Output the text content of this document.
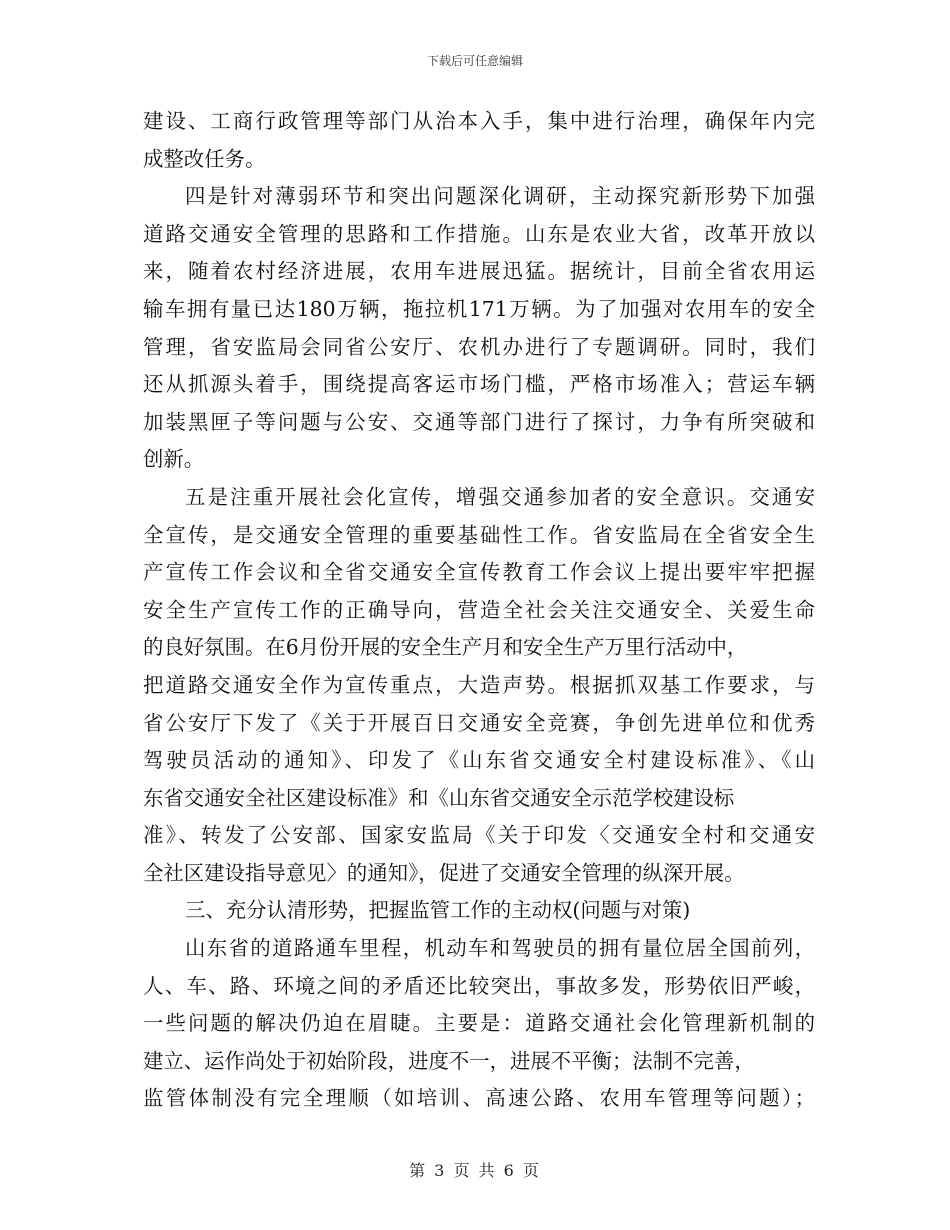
下载后可任意编辑
建设、工商行政管理等部门从治本入手，集中进行治理，确保年内完
成整改任务。
四是针对薄弱环节和突出问题深化调研，主动探究新形势下加强
道路交通安全管理的思路和工作措施。山东是农业大省，改革开放以
来，随着农村经济进展，农用车进展迅猛。据统计，目前全省农用运
输车拥有量已达180万辆，拖拉机171万辆。为了加强对农用车的安全
管理，省安监局会同省公安厅、农机办进行了专题调研。同时，我们
还从抓源头着手，围绕提高客运市场门槛，严格市场准入；营运车辆
加装黑匣子等问题与公安、交通等部门进行了探讨，力争有所突破和
创新。
五是注重开展社会化宣传，增强交通参加者的安全意识。交通安
全宣传，是交通安全管理的重要基础性工作。省安监局在全省安全生
产宣传工作会议和全省交通安全宣传教育工作会议上提出要牢牢把握
安全生产宣传工作的正确导向，营造全社会关注交通安全、关爱生命
的良好氛围。在6月份开展的安全生产月和安全生产万里行活动中，
把道路交通安全作为宣传重点，大造声势。根据抓双基工作要求，与
省公安厅下发了《关于开展百日交通安全竞赛，争创先进单位和优秀
驾驶员活动的通知》、印发了《山东省交通安全村建设标准》、《山
东省交通安全社区建设标准》和《山东省交通安全示范学校建设标
准》、转发了公安部、国家安监局《关于印发〈交通安全村和交通安
全社区建设指导意见〉的通知》，促进了交通安全管理的纵深开展。
三、充分认清形势，把握监管工作的主动权(问题与对策)
山东省的道路通车里程，机动车和驾驶员的拥有量位居全国前列，
人、车、路、环境之间的矛盾还比较突出，事故多发，形势依旧严峻，
一些问题的解决仍迫在眉睫。主要是：道路交通社会化管理新机制的
建立、运作尚处于初始阶段，进度不一，进展不平衡；法制不完善，
监管体制没有完全理顺（如培训、高速公路、农用车管理等问题）；
第 3 页 共 6 页
